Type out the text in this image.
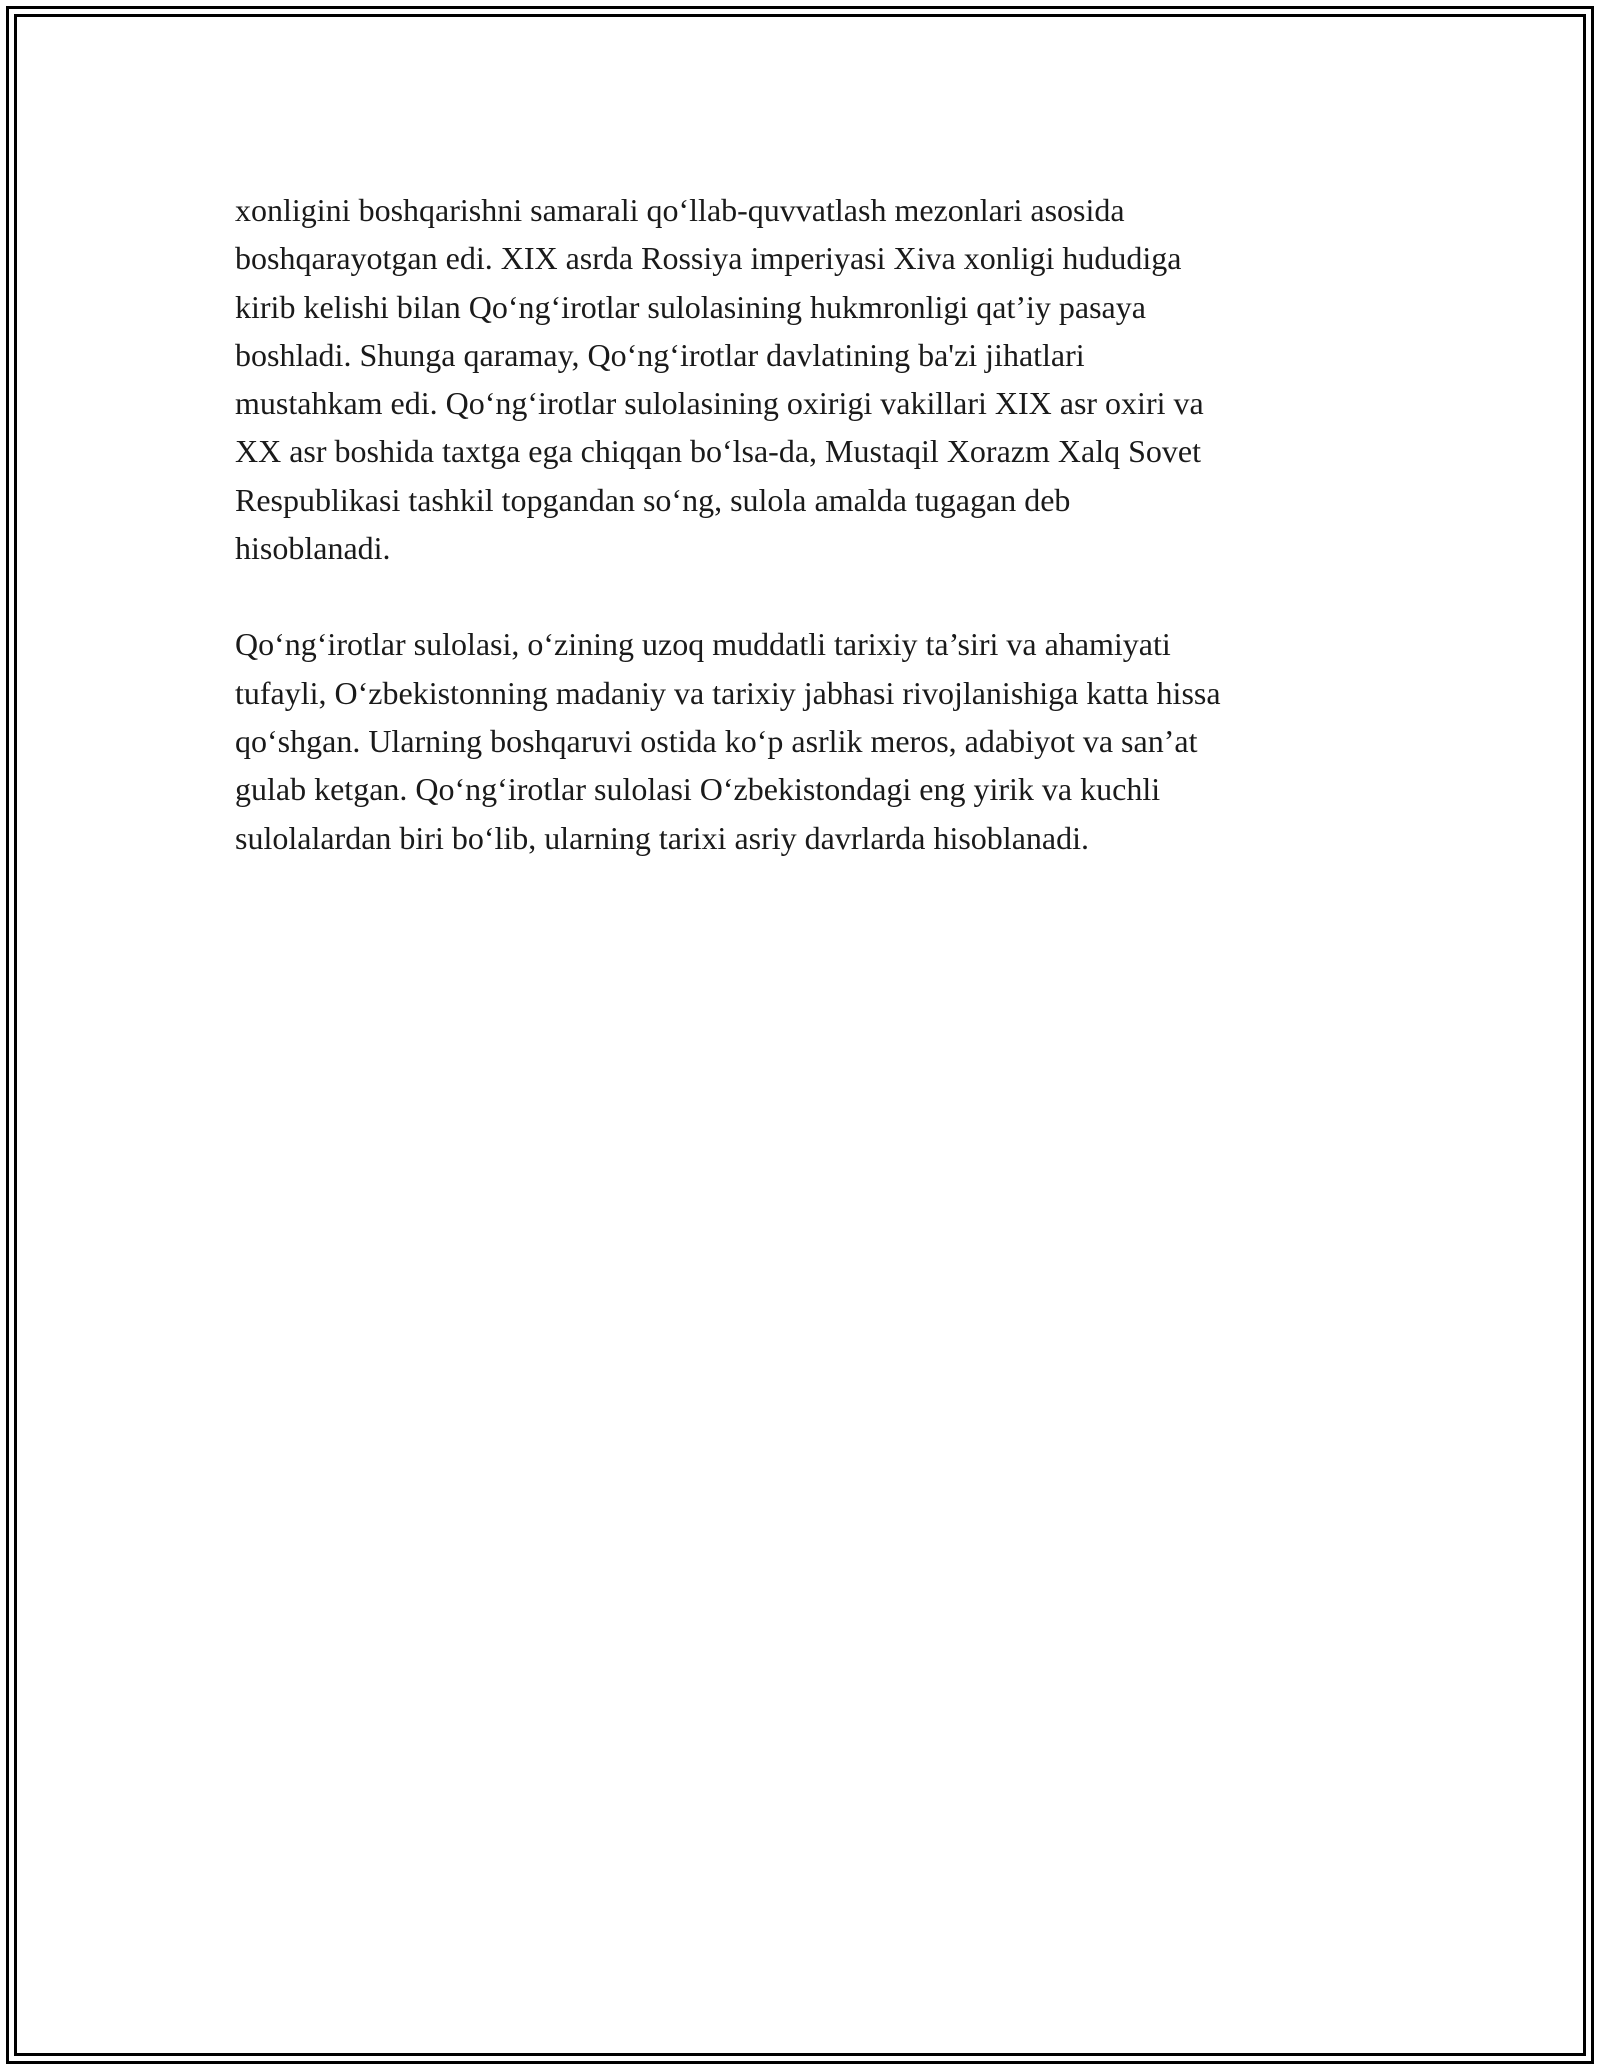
xonligini boshqarishni samarali qo‘llab-quvvatlash mezonlari asosida
boshqarayotgan edi. XIX asrda Rossiya imperiyasi Xiva xonligi hududiga
kirib kelishi bilan Qo‘ng‘irotlar sulolasining hukmronligi qat’iy pasaya
boshladi. Shunga qaramay, Qo‘ng‘irotlar davlatining ba'zi jihatlari
mustahkam edi. Qo‘ng‘irotlar sulolasining oxirigi vakillari XIX asr oxiri va
XX asr boshida taxtga ega chiqqan bo‘lsa-da, Mustaqil Xorazm Xalq Sovet
Respublikasi tashkil topgandan so‘ng, sulola amalda tugagan deb
hisoblanadi.

Qo‘ng‘irotlar sulolasi, o‘zining uzoq muddatli tarixiy ta’siri va ahamiyati
tufayli, O‘zbekistonning madaniy va tarixiy jabhasi rivojlanishiga katta hissa
qo‘shgan. Ularning boshqaruvi ostida ko‘p asrlik meros, adabiyot va san’at
gulab ketgan. Qo‘ng‘irotlar sulolasi O‘zbekistondagi eng yirik va kuchli
sulolalardan biri bo‘lib, ularning tarixi asriy davrlarda hisoblanadi.
